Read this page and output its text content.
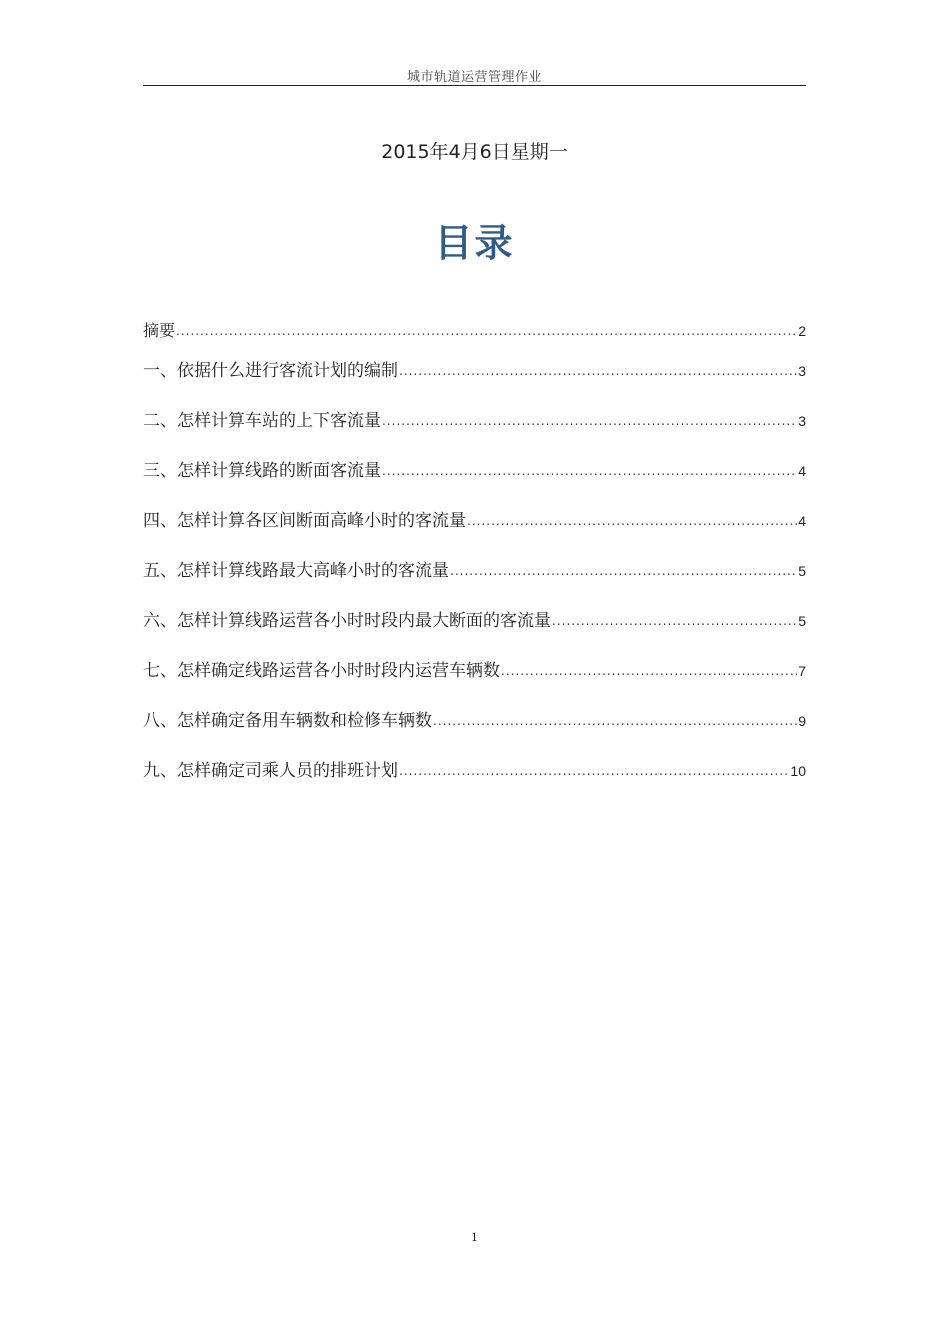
城市轨道运营管理作业
2015年4月6日星期一
目录
摘要 .....	2
一、依据什么进行客流计划的编制 .....	3
二、怎样计算车站的上下客流量 .....	3
三、怎样计算线路的断面客流量 .....	4
四、怎样计算各区间断面高峰小时的客流量 .....	4
五、怎样计算线路最大高峰小时的客流量 .....	5
六、怎样计算线路运营各小时时段内最大断面的客流量 .....	5
七、怎样确定线路运营各小时时段内运营车辆数 .....	7
八、怎样确定备用车辆数和检修车辆数 .....	9
九、怎样确定司乘人员的排班计划 .....	10
1
